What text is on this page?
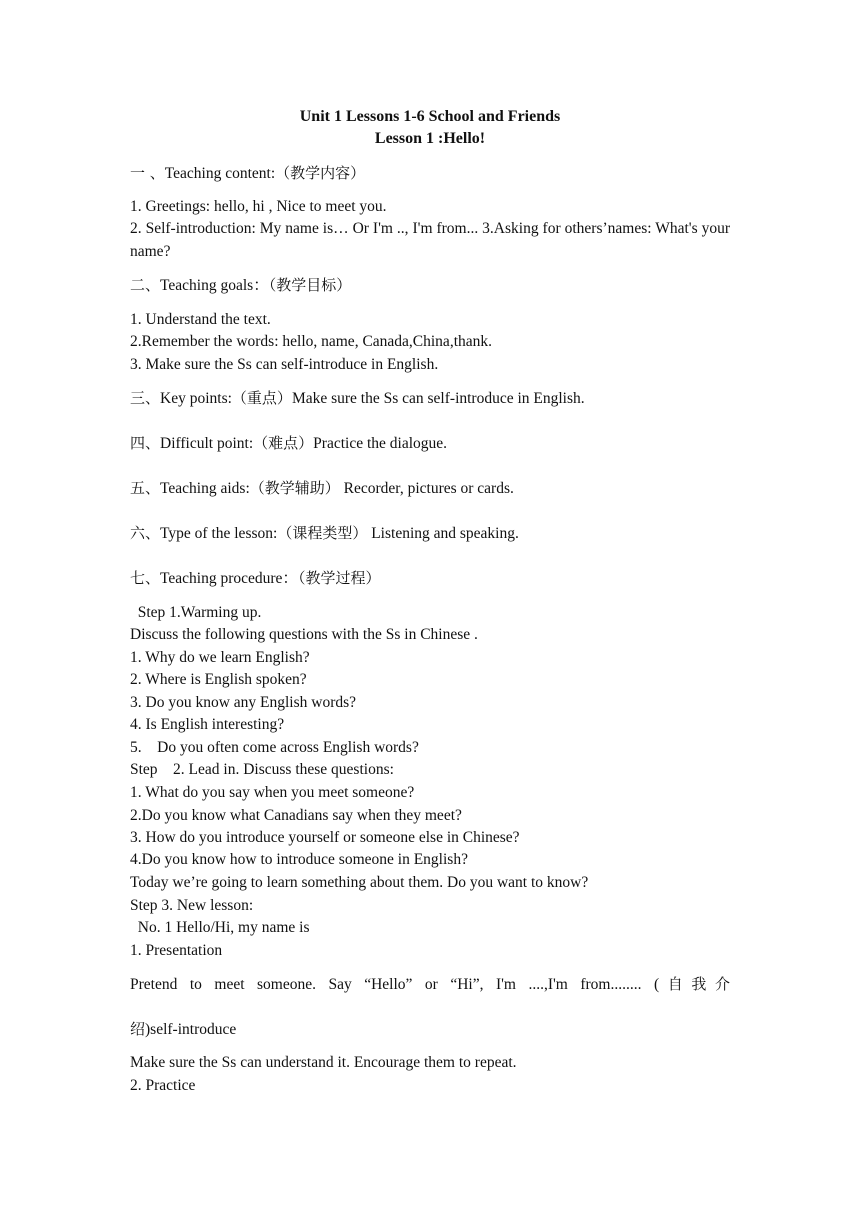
Unit 1 Lessons 1-6 School and Friends
Lesson 1 :Hello!
一 、Teaching content:（教学内容）
1. Greetings: hello, hi , Nice to meet you.
2. Self-introduction: My name is… Or I'm .., I'm from... 3.Asking for others’names: What's your name?
二、Teaching goals：（教学目标）
1. Understand the text.
2.Remember the words: hello, name, Canada,China,thank.
3. Make sure the Ss can self-introduce in English.
三、Key points:（重点）Make sure the Ss can self-introduce in English.
四、Difficult point:（难点）Practice the dialogue.
五、Teaching aids:（教学辅助） Recorder, pictures or cards.
六、Type of the lesson:（课程类型） Listening and speaking.
七、Teaching procedure：（教学过程）
Step 1.Warming up.
Discuss the following questions with the Ss in Chinese .
1. Why do we learn English?
2. Where is English spoken?
3. Do you know any English words?
4. Is English interesting?
5.    Do you often come across English words?
Step    2. Lead in. Discuss these questions:
1. What do you say when you meet someone?
2.Do you know what Canadians say when they meet?
3. How do you introduce yourself or someone else in Chinese?
4.Do you know how to introduce someone in English?
Today we’re going to learn something about them. Do you want to know?
Step 3. New lesson:
No. 1 Hello/Hi, my name is
1. Presentation
Pretend to meet someone. Say “Hello” or “Hi”, I'm ....,I'm from........ (自我介
绍)self-introduce
Make sure the Ss can understand it. Encourage them to repeat.
2. Practice
